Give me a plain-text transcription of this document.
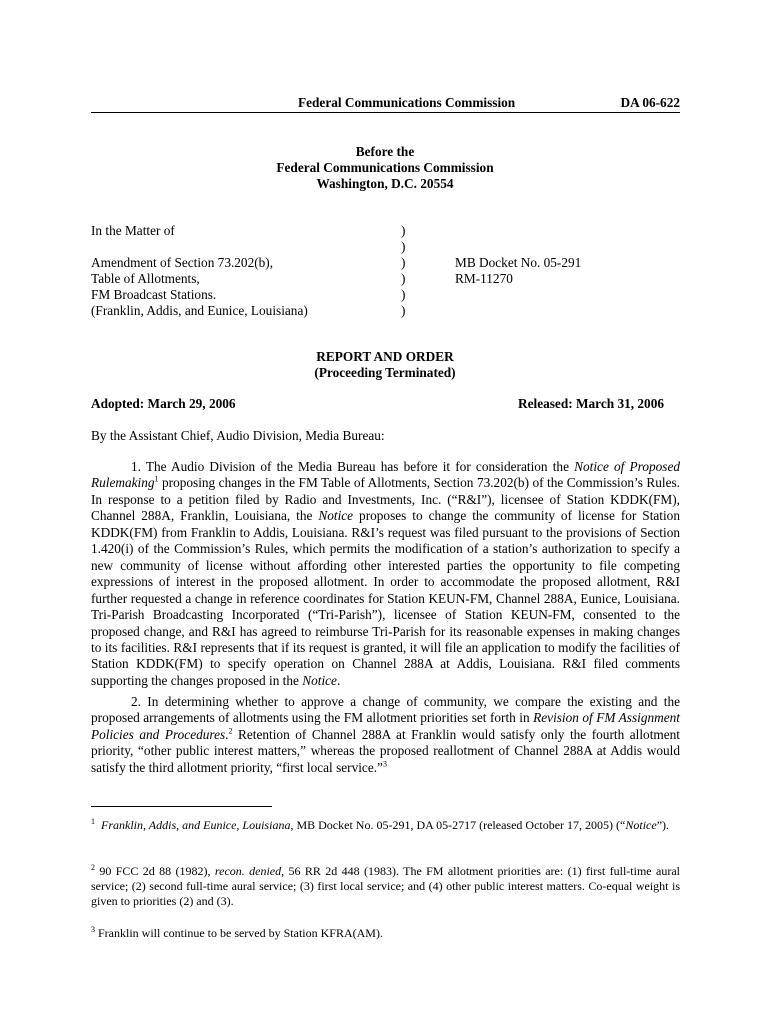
Federal Communications Commission	DA 06-622
Before the
Federal Communications Commission
Washington, D.C. 20554
In the Matter of
Amendment of Section 73.202(b),
Table of Allotments,
FM Broadcast Stations.
(Franklin, Addis, and Eunice, Louisiana)
)
)
)
)
)
)
MB Docket No. 05-291
RM-11270
REPORT AND ORDER
(Proceeding Terminated)
Adopted: March 29, 2006	Released: March 31, 2006
By the Assistant Chief, Audio Division, Media Bureau:
1. The Audio Division of the Media Bureau has before it for consideration the Notice of Proposed Rulemaking$^1$ proposing changes in the FM Table of Allotments, Section 73.202(b) of the Commission’s Rules. In response to a petition filed by Radio and Investments, Inc. (“R&I”), licensee of Station KDDK(FM), Channel 288A, Franklin, Louisiana, the Notice proposes to change the community of license for Station KDDK(FM) from Franklin to Addis, Louisiana. R&I’s request was filed pursuant to the provisions of Section 1.420(i) of the Commission’s Rules, which permits the modification of a station’s authorization to specify a new community of license without affording other interested parties the opportunity to file competing expressions of interest in the proposed allotment. In order to accommodate the proposed allotment, R&I further requested a change in reference coordinates for Station KEUN-FM, Channel 288A, Eunice, Louisiana. Tri-Parish Broadcasting Incorporated (“Tri-Parish”), licensee of Station KEUN-FM, consented to the proposed change, and R&I has agreed to reimburse Tri-Parish for its reasonable expenses in making changes to its facilities. R&I represents that if its request is granted, it will file an application to modify the facilities of Station KDDK(FM) to specify operation on Channel 288A at Addis, Louisiana. R&I filed comments supporting the changes proposed in the Notice.
2. In determining whether to approve a change of community, we compare the existing and the proposed arrangements of allotments using the FM allotment priorities set forth in Revision of FM Assignment Policies and Procedures.$^2$ Retention of Channel 288A at Franklin would satisfy only the fourth allotment priority, “other public interest matters,” whereas the proposed reallotment of Channel 288A at Addis would satisfy the third allotment priority, “first local service.”$^3$
$^1$ Franklin, Addis, and Eunice, Louisiana, MB Docket No. 05-291, DA 05-2717 (released October 17, 2005) (“Notice”).
$^2$ 90 FCC 2d 88 (1982), recon. denied, 56 RR 2d 448 (1983). The FM allotment priorities are: (1) first full-time aural service; (2) second full-time aural service; (3) first local service; and (4) other public interest matters. Co-equal weight is given to priorities (2) and (3).
$^3$ Franklin will continue to be served by Station KFRA(AM).
